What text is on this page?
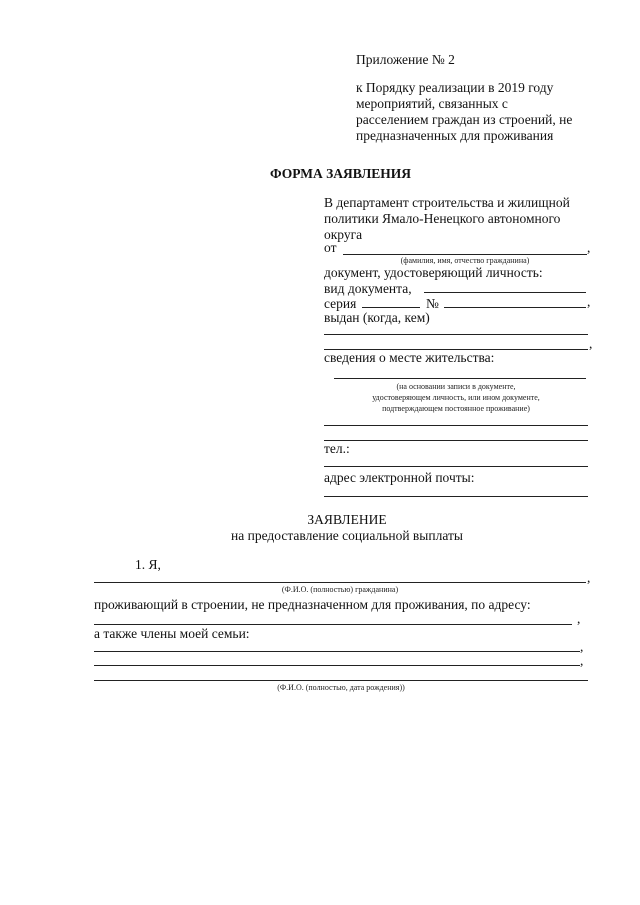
Приложение № 2
к Порядку реализации в 2019 году
мероприятий, связанных с
расселением граждан из строений, не
предназначенных для проживания
ФОРМА ЗАЯВЛЕНИЯ
В департамент строительства и жилищной
политики Ямало-Ненецкого автономного
округа
от	,
(фамилия, имя, отчество гражданина)
документ, удостоверяющий личность:
вид документа,
серия	№	,
выдан (когда, кем)
,
сведения о месте жительства:
(на основании записи в документе,
удостоверяющем личность, или ином документе,
подтверждающем постоянное проживание)
тел.:
адрес электронной почты:
ЗАЯВЛЕНИЕ
на предоставление социальной выплаты
1. Я,
,
(Ф.И.О. (полностью) гражданина)
проживающий в строении, не предназначенном для проживания, по адресу:
,
а также члены моей семьи:
,
,
(Ф.И.О. (полностью, дата рождения))
